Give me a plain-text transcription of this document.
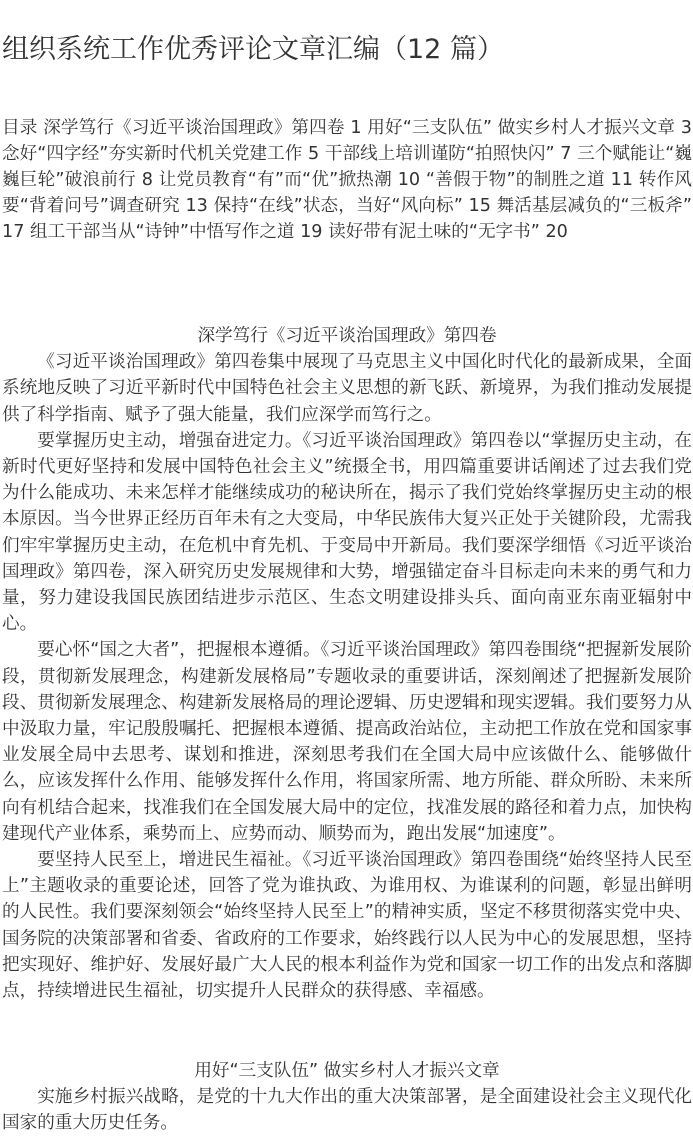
组织系统工作优秀评论文章汇编（12 篇）

目录 深学笃行《习近平谈治国理政》第四卷 1 用好“三支队伍” 做实乡村人才振兴文章 3 念好“四字经”夯实新时代机关党建工作 5 干部线上培训谨防“拍照快闪” 7 三个赋能让“巍巍巨轮”破浪前行 8 让党员教育“有”而“优”掀热潮 10 “善假于物”的制胜之道 11 转作风要“背着问号”调查研究 13 保持“在线”状态，当好“风向标” 15 舞活基层减负的“三板斧” 17 组工干部当从“诗钟”中悟写作之道 19 读好带有泥土味的“无字书” 20

深学笃行《习近平谈治国理政》第四卷

《习近平谈治国理政》第四卷集中展现了马克思主义中国化时代化的最新成果，全面系统地反映了习近平新时代中国特色社会主义思想的新飞跃、新境界，为我们推动发展提供了科学指南、赋予了强大能量，我们应深学而笃行之。

要掌握历史主动，增强奋进定力。《习近平谈治国理政》第四卷以“掌握历史主动，在新时代更好坚持和发展中国特色社会主义”统摄全书，用四篇重要讲话阐述了过去我们党为什么能成功、未来怎样才能继续成功的秘诀所在，揭示了我们党始终掌握历史主动的根本原因。当今世界正经历百年未有之大变局，中华民族伟大复兴正处于关键阶段，尤需我们牢牢掌握历史主动，在危机中育先机、于变局中开新局。我们要深学细悟《习近平谈治国理政》第四卷，深入研究历史发展规律和大势，增强锚定奋斗目标走向未来的勇气和力量，努力建设我国民族团结进步示范区、生态文明建设排头兵、面向南亚东南亚辐射中心。

要心怀“国之大者”，把握根本遵循。《习近平谈治国理政》第四卷围绕“把握新发展阶段，贯彻新发展理念，构建新发展格局”专题收录的重要讲话，深刻阐述了把握新发展阶段、贯彻新发展理念、构建新发展格局的理论逻辑、历史逻辑和现实逻辑。我们要努力从中汲取力量，牢记殷殷嘱托、把握根本遵循、提高政治站位，主动把工作放在党和国家事业发展全局中去思考、谋划和推进，深刻思考我们在全国大局中应该做什么、能够做什么，应该发挥什么作用、能够发挥什么作用，将国家所需、地方所能、群众所盼、未来所向有机结合起来，找准我们在全国发展大局中的定位，找准发展的路径和着力点，加快构建现代产业体系，乘势而上、应势而动、顺势而为，跑出发展“加速度”。

要坚持人民至上，增进民生福祉。《习近平谈治国理政》第四卷围绕“始终坚持人民至上”主题收录的重要论述，回答了党为谁执政、为谁用权、为谁谋利的问题，彰显出鲜明的人民性。我们要深刻领会“始终坚持人民至上”的精神实质，坚定不移贯彻落实党中央、国务院的决策部署和省委、省政府的工作要求，始终践行以人民为中心的发展思想，坚持把实现好、维护好、发展好最广大人民的根本利益作为党和国家一切工作的出发点和落脚点，持续增进民生福祉，切实提升人民群众的获得感、幸福感。

用好“三支队伍” 做实乡村人才振兴文章

实施乡村振兴战略，是党的十九大作出的重大决策部署，是全面建设社会主义现代化国家的重大历史任务。
